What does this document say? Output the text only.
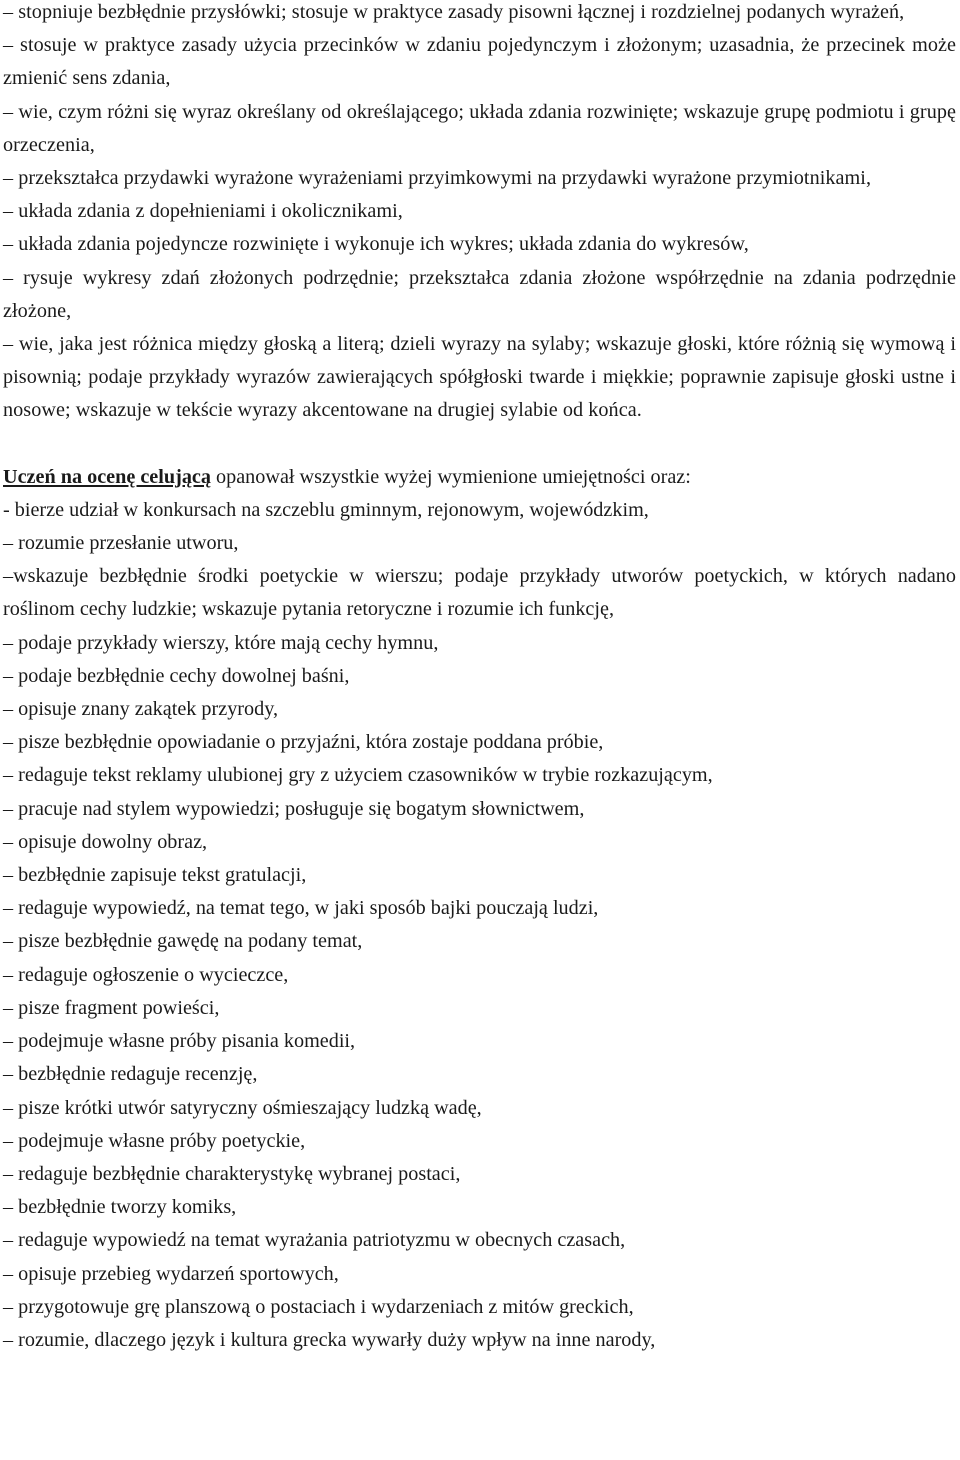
– stopniuje bezbłędnie przysłówki; stosuje w praktyce zasady pisowni łącznej i rozdzielnej podanych wyrażeń,

– stosuje w praktyce zasady użycia przecinków w zdaniu pojedynczym i złożonym; uzasadnia, że przecinek może zmienić sens zdania,

– wie, czym różni się wyraz określany od określającego; układa zdania rozwinięte; wskazuje grupę podmiotu i grupę orzeczenia,

– przekształca przydawki wyrażone wyrażeniami przyimkowymi na przydawki wyrażone przymiotnikami,

– układa zdania z dopełnieniami i okolicznikami,

– układa zdania pojedyncze rozwinięte i wykonuje ich wykres; układa zdania do wykresów,

– rysuje wykresy zdań złożonych podrzędnie; przekształca zdania złożone współrzędnie na zdania podrzędnie złożone,

– wie, jaka jest różnica między głoską a literą; dzieli wyrazy na sylaby; wskazuje głoski, które różnią się wymową i pisownią; podaje przykłady wyrazów zawierających spółgłoski twarde i miękkie; poprawnie zapisuje głoski ustne i nosowe; wskazuje w tekście wyrazy akcentowane na drugiej sylabie od końca.

Uczeń na ocenę celującą opanował wszystkie wyżej wymienione umiejętności oraz:

- bierze udział w konkursach na szczeblu gminnym, rejonowym, wojewódzkim,

– rozumie przesłanie utworu,

–wskazuje bezbłędnie środki poetyckie w wierszu; podaje przykłady utworów poetyckich, w których nadano roślinom cechy ludzkie; wskazuje pytania retoryczne i rozumie ich funkcję,

– podaje przykłady wierszy, które mają cechy hymnu,

– podaje bezbłędnie cechy dowolnej baśni,

– opisuje znany zakątek przyrody,

– pisze bezbłędnie opowiadanie o przyjaźni, która zostaje poddana próbie,

– redaguje tekst reklamy ulubionej gry z użyciem czasowników w trybie rozkazującym,

– pracuje nad stylem wypowiedzi; posługuje się bogatym słownictwem,

– opisuje dowolny obraz,

– bezbłędnie zapisuje tekst gratulacji,

– redaguje wypowiedź, na temat tego, w jaki sposób bajki pouczają ludzi,

– pisze bezbłędnie gawędę na podany temat,

– redaguje ogłoszenie o wycieczce,

– pisze fragment powieści,

– podejmuje własne próby pisania komedii,

– bezbłędnie redaguje recenzję,

– pisze krótki utwór satyryczny ośmieszający ludzką wadę,

– podejmuje własne próby poetyckie,

– redaguje bezbłędnie charakterystykę wybranej postaci,

– bezbłędnie tworzy komiks,

– redaguje wypowiedź na temat wyrażania patriotyzmu w obecnych czasach,

– opisuje przebieg wydarzeń sportowych,

– przygotowuje grę planszową o postaciach i wydarzeniach z mitów greckich,

– rozumie, dlaczego język i kultura grecka wywarły duży wpływ na inne narody,
